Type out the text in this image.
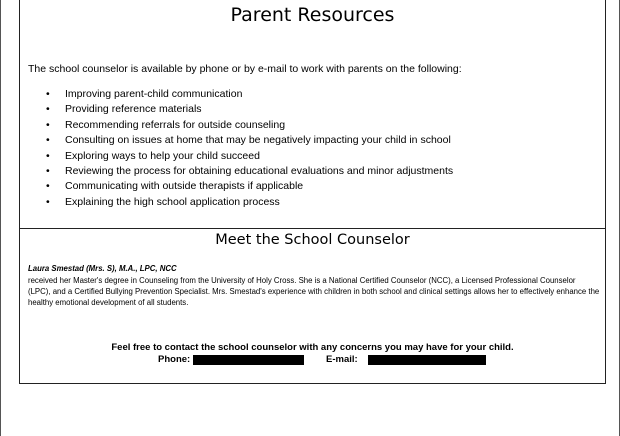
Parent Resources

The school counselor is available by phone or by e-mail to work with parents on the following:

• Improving parent-child communication
• Providing reference materials
• Recommending referrals for outside counseling
• Consulting on issues at home that may be negatively impacting your child in school
• Exploring ways to help your child succeed
• Reviewing the process for obtaining educational evaluations and minor adjustments
• Communicating with outside therapists if applicable
• Explaining the high school application process
Meet the School Counselor

Laura Smestad (Mrs. S), M.A., LPC, NCC

received her Master's degree in Counseling from the University of Holy Cross. She is a National Certified Counselor (NCC), a Licensed Professional Counselor (LPC), and a Certified Bullying Prevention Specialist. Mrs. Smestad's experience with children in both school and clinical settings allows her to effectively enhance the healthy emotional development of all students.

Feel free to contact the school counselor with any concerns you may have for your child.

Phone:	E-mail:
